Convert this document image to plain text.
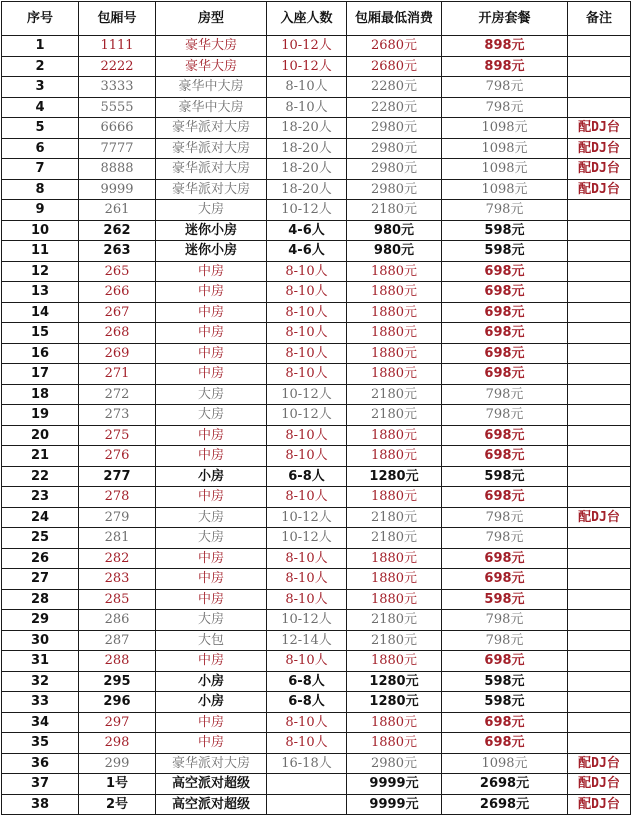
序号	包厢号	房型	入座人数	包厢最低消费	开房套餐	备注
1	1111	豪华大房	10-12人	2680元	898元	
2	2222	豪华大房	10-12人	2680元	898元	
3	3333	豪华中大房	8-10人	2280元	798元	
4	5555	豪华中大房	8-10人	2280元	798元	
5	6666	豪华派对大房	18-20人	2980元	1098元	配DJ台
6	7777	豪华派对大房	18-20人	2980元	1098元	配DJ台
7	8888	豪华派对大房	18-20人	2980元	1098元	配DJ台
8	9999	豪华派对大房	18-20人	2980元	1098元	配DJ台
9	261	大房	10-12人	2180元	798元	
10	262	迷你小房	4-6人	980元	598元	
11	263	迷你小房	4-6人	980元	598元	
12	265	中房	8-10人	1880元	698元	
13	266	中房	8-10人	1880元	698元	
14	267	中房	8-10人	1880元	698元	
15	268	中房	8-10人	1880元	698元	
16	269	中房	8-10人	1880元	698元	
17	271	中房	8-10人	1880元	698元	
18	272	大房	10-12人	2180元	798元	
19	273	大房	10-12人	2180元	798元	
20	275	中房	8-10人	1880元	698元	
21	276	中房	8-10人	1880元	698元	
22	277	小房	6-8人	1280元	598元	
23	278	中房	8-10人	1880元	698元	
24	279	大房	10-12人	2180元	798元	配DJ台
25	281	大房	10-12人	2180元	798元	
26	282	中房	8-10人	1880元	698元	
27	283	中房	8-10人	1880元	698元	
28	285	中房	8-10人	1880元	598元	
29	286	大房	10-12人	2180元	798元	
30	287	大包	12-14人	2180元	798元	
31	288	中房	8-10人	1880元	698元	
32	295	小房	6-8人	1280元	598元	
33	296	小房	6-8人	1280元	598元	
34	297	中房	8-10人	1880元	698元	
35	298	中房	8-10人	1880元	698元	
36	299	豪华派对大房	16-18人	2980元	1098元	配DJ台
37	1号	高空派对超级		9999元	2698元	配DJ台
38	2号	高空派对超级		9999元	2698元	配DJ台
